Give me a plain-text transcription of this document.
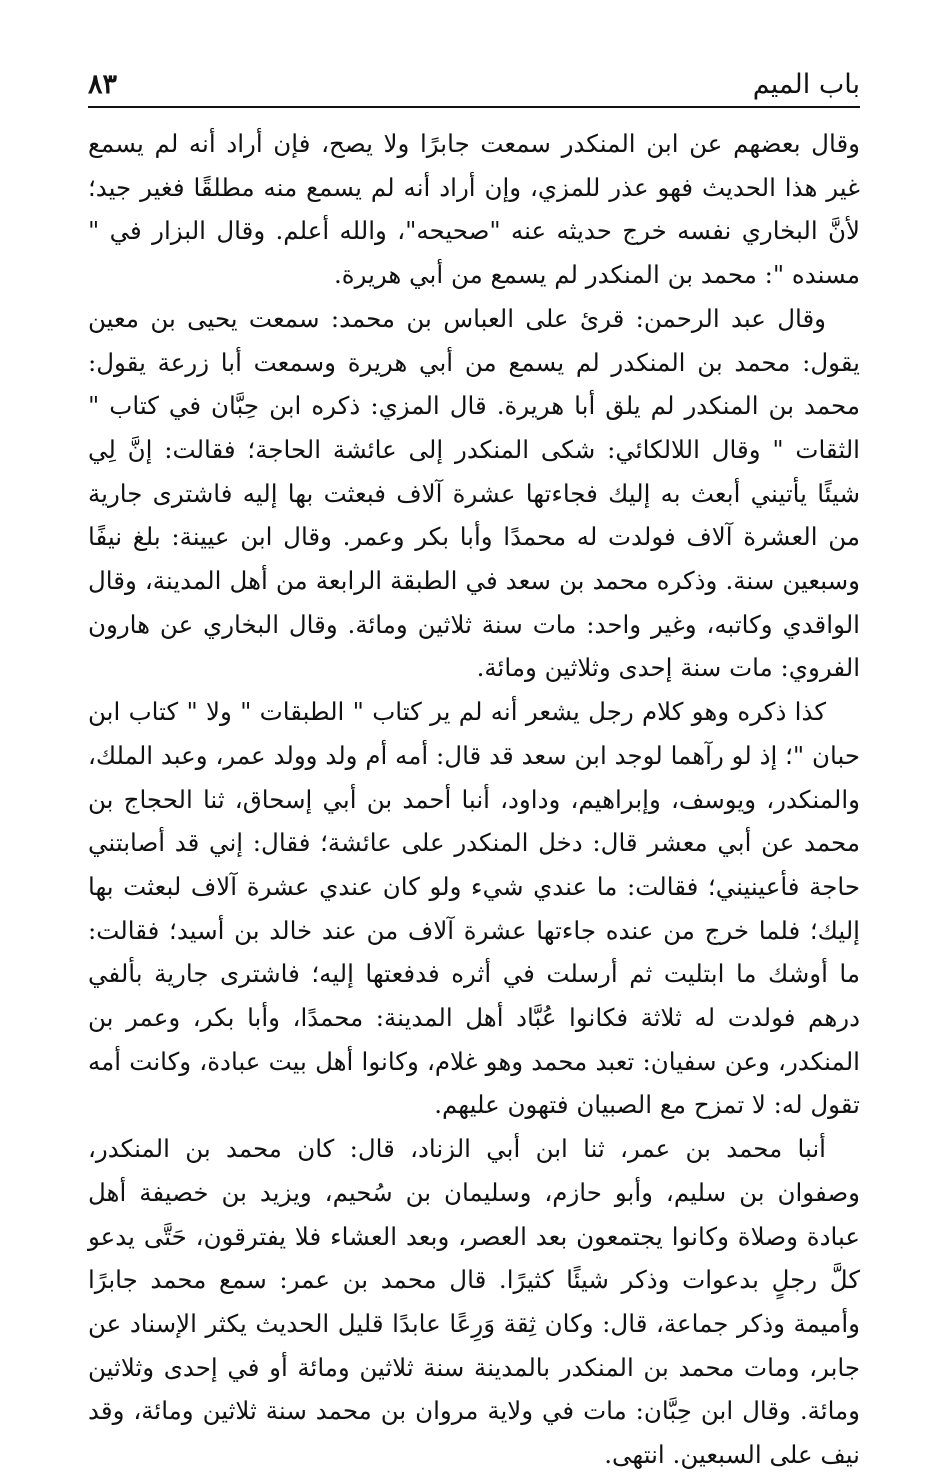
باب الميم
٨٣

وقال بعضهم عن ابن المنكدر سمعت جابرًا ولا يصح، فإن أراد أنه لم يسمع غير هذا الحديث فهو عذر للمزي، وإن أراد أنه لم يسمع منه مطلقًا فغير جيد؛ لأنَّ البخاري نفسه خرج حديثه عنه "صحيحه"، والله أعلم. وقال البزار في " مسنده ": محمد بن المنكدر لم يسمع من أبي هريرة.

وقال عبد الرحمن: قرئ على العباس بن محمد: سمعت يحيى بن معين يقول: محمد بن المنكدر لم يسمع من أبي هريرة وسمعت أبا زرعة يقول: محمد بن المنكدر لم يلق أبا هريرة. قال المزي: ذكره ابن حِبَّان في كتاب " الثقات " وقال اللالكائي: شكى المنكدر إلى عائشة الحاجة؛ فقالت: إنَّ لِي شيئًا يأتيني أبعث به إليك فجاءتها عشرة آلاف فبعثت بها إليه فاشترى جارية من العشرة آلاف فولدت له محمدًا وأبا بكر وعمر. وقال ابن عيينة: بلغ نيفًا وسبعين سنة. وذكره محمد بن سعد في الطبقة الرابعة من أهل المدينة، وقال الواقدي وكاتبه، وغير واحد: مات سنة ثلاثين ومائة. وقال البخاري عن هارون الفروي: مات سنة إحدى وثلاثين ومائة.

كذا ذكره وهو كلام رجل يشعر أنه لم ير كتاب " الطبقات " ولا " كتاب ابن حبان "؛ إذ لو رآهما لوجد ابن سعد قد قال: أمه أم ولد وولد عمر، وعبد الملك، والمنكدر، ويوسف، وإبراهيم، وداود، أنبا أحمد بن أبي إسحاق، ثنا الحجاج بن محمد عن أبي معشر قال: دخل المنكدر على عائشة؛ فقال: إني قد أصابتني حاجة فأعينيني؛ فقالت: ما عندي شيء ولو كان عندي عشرة آلاف لبعثت بها إليك؛ فلما خرج من عنده جاءتها عشرة آلاف من عند خالد بن أسيد؛ فقالت: ما أوشك ما ابتليت ثم أرسلت في أثره فدفعتها إليه؛ فاشترى جارية بألفي درهم فولدت له ثلاثة فكانوا عُبَّاد أهل المدينة: محمدًا، وأبا بكر، وعمر بن المنكدر، وعن سفيان: تعبد محمد وهو غلام، وكانوا أهل بيت عبادة، وكانت أمه تقول له: لا تمزح مع الصبيان فتهون عليهم.

أنبا محمد بن عمر، ثنا ابن أبي الزناد، قال: كان محمد بن المنكدر، وصفوان بن سليم، وأبو حازم، وسليمان بن سُحيم، ويزيد بن خصيفة أهل عبادة وصلاة وكانوا يجتمعون بعد العصر، وبعد العشاء فلا يفترقون، حَتَّى يدعو كلَّ رجلٍ بدعوات وذكر شيئًا كثيرًا. قال محمد بن عمر: سمع محمد جابرًا وأميمة وذكر جماعة، قال: وكان ثِقة وَرِعًا عابدًا قليل الحديث يكثر الإسناد عن جابر، ومات محمد بن المنكدر بالمدينة سنة ثلاثين ومائة أو في إحدى وثلاثين ومائة. وقال ابن حِبَّان: مات في ولاية مروان بن محمد سنة ثلاثين ومائة، وقد نيف على السبعين. انتهى.
